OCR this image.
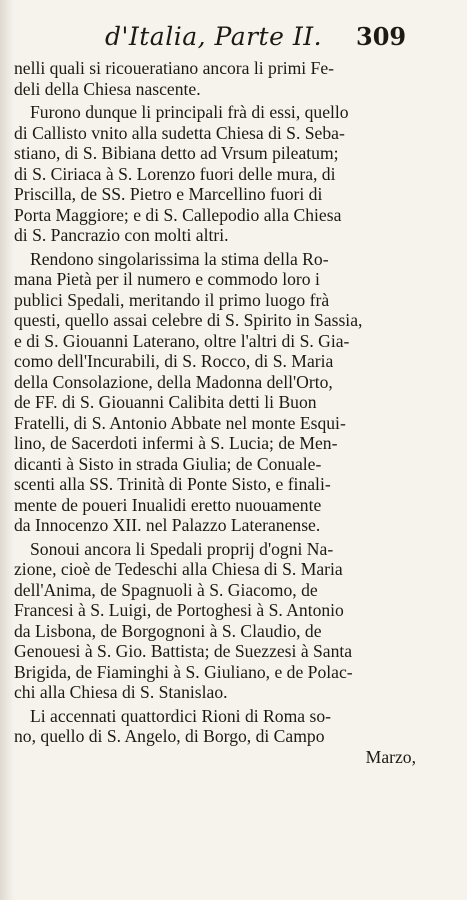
d'Italia, Parte II. 309
nelli quali si ricoueratiano ancora li primi Fe-
deli della Chiesa nascente.
Furono dunque li principali frà di essi, quello
di Callisto vnito alla sudetta Chiesa di S. Seba-
stiano, di S. Bibiana detto ad Vrsum pileatum;
di S. Ciriaca à S. Lorenzo fuori delle mura, di
Priscilla, de SS. Pietro e Marcellino fuori di
Porta Maggiore; e di S. Callepodio alla Chiesa
di S. Pancrazio con molti altri.
Rendono singolarissima la stima della Ro-
mana Pietà per il numero e commodo loro i
publici Spedali, meritando il primo luogo frà
questi, quello assai celebre di S. Spirito in Sassia,
e di S. Giouanni Laterano, oltre l'altri di S. Gia-
como dell'Incurabili, di S. Rocco, di S. Maria
della Consolazione, della Madonna dell'Orto,
de FF. di S. Giouanni Calibita detti li Buon
Fratelli, di S. Antonio Abbate nel monte Esqui-
lino, de Sacerdoti infermi à S. Lucia; de Men-
dicanti à Sisto in strada Giulia; de Conuale-
scenti alla SS. Trinità di Ponte Sisto, e finali-
mente de poueri Inualidi eretto nuouamente
da Innocenzo XII. nel Palazzo Lateranense.
Sonoui ancora li Spedali proprij d'ogni Na-
zione, cioè de Tedeschi alla Chiesa di S. Maria
dell'Anima, de Spagnuoli à S. Giacomo, de
Francesi à S. Luigi, de Portoghesi à S. Antonio
da Lisbona, de Borgognoni à S. Claudio, de
Genouesi à S. Gio. Battista; de Suezzesi à Santa
Brigida, de Fiaminghi à S. Giuliano, e de Polac-
chi alla Chiesa di S. Stanislao.
Li accennati quattordici Rioni di Roma so-
no, quello di S. Angelo, di Borgo, di Campo
Marzo,
